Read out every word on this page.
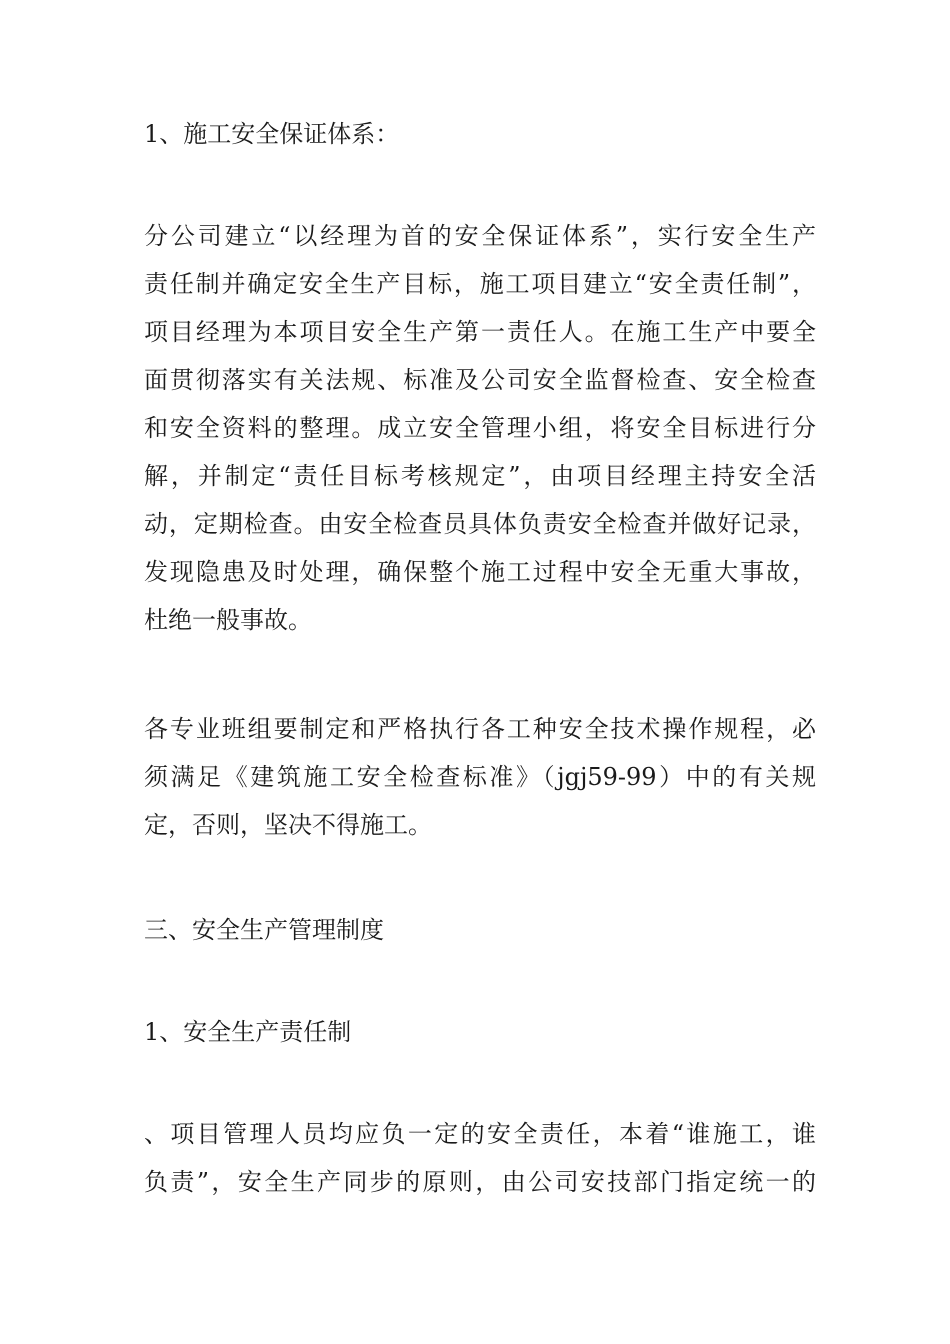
1、施工安全保证体系：
分公司建立“以经理为首的安全保证体系”，实行安全生产
责任制并确定安全生产目标，施工项目建立“安全责任制”，
项目经理为本项目安全生产第一责任人。在施工生产中要全
面贯彻落实有关法规、标准及公司安全监督检查、安全检查
和安全资料的整理。成立安全管理小组，将安全目标进行分
解，并制定“责任目标考核规定”，由项目经理主持安全活
动，定期检查。由安全检查员具体负责安全检查并做好记录，
发现隐患及时处理，确保整个施工过程中安全无重大事故，
杜绝一般事故。
各专业班组要制定和严格执行各工种安全技术操作规程，必
须满足《建筑施工安全检查标准》（jgj59-99）中的有关规
定，否则，坚决不得施工。
三、安全生产管理制度
1、安全生产责任制
、项目管理人员均应负一定的安全责任，本着“谁施工，谁
负责”，安全生产同步的原则，由公司安技部门指定统一的
